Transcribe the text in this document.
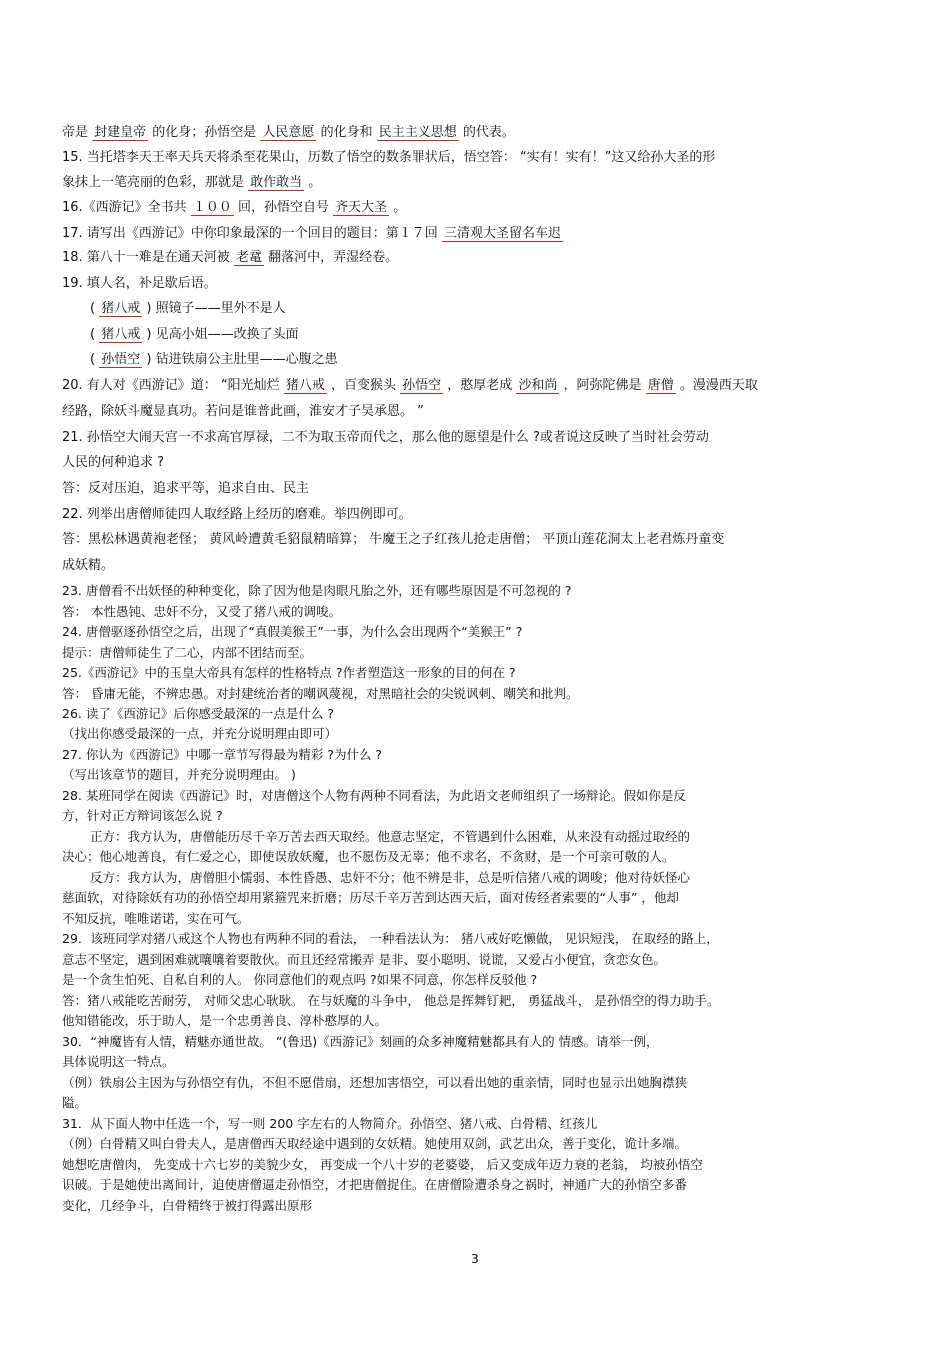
帝是 封建皇帝 的化身；孙悟空是 人民意愿 的化身和 民主主义思想 的代表。
15. 当托塔李天王率天兵天将杀至花果山，历数了悟空的数条罪状后，悟空答： “实有！实有！”这又给孙大圣的形
象抹上一笔亮丽的色彩，那就是 敢作敢当 。
16.《西游记》全书共 １００ 回，孙悟空自号 齐天大圣 。
17. 请写出《西游记》中你印象最深的一个回目的题目：第１７回 三清观大圣留名车迟
18. 第八十一难是在通天河被 老鼋 翻落河中，弄湿经卷。
19. 填人名，补足歇后语。
( 猪八戒 ) 照镜子——里外不是人
( 猪八戒 ) 见高小姐——改换了头面
( 孙悟空 ) 钻进铁扇公主肚里——心腹之患
20. 有人对《西游记》道： “阳光灿烂 猪八戒 ，百变猴头 孙悟空 ，憨厚老成 沙和尚 ，阿弥陀佛是 唐僧 。漫漫西天取
经路，除妖斗魔显真功。若问是谁普此画，淮安才子吴承恩。 ”
21. 孙悟空大闹天宫一不求高官厚禄，二不为取玉帝而代之，那么他的愿望是什么 ?或者说这反映了当时社会劳动
人民的何种追求 ?
答：反对压迫，追求平等，追求自由、民主
22. 列举出唐僧师徒四人取经路上经历的磨难。举四例即可。
答：黑松林遇黄袍老怪； 黄风岭遭黄毛貂鼠精暗算； 牛魔王之子红孩儿抢走唐僧； 平顶山莲花洞太上老君炼丹童变
成妖精。
23. 唐僧看不出妖怪的种种变化，除了因为他是肉眼凡胎之外，还有哪些原因是不可忽视的 ?
答： 本性愚钝、忠奸不分，又受了猪八戒的调唆。
24. 唐僧驱逐孙悟空之后，出现了“真假美猴王”一事，为什么会出现两个“美猴王” ?
提示：唐僧师徒生了二心，内部不团结而至。
25.《西游记》中的玉皇大帝具有怎样的性格特点 ?作者塑造这一形象的目的何在 ?
答： 昏庸无能，不辨忠愚。对封建统治者的嘲讽蔑视，对黑暗社会的尖锐讽刺、嘲笑和批判。
26. 读了《西游记》后你感受最深的一点是什么 ?
（找出你感受最深的一点，并充分说明理由即可）
27. 你认为《西游记》中哪一章节写得最为精彩 ?为什么 ?
（写出该章节的题目，并充分说明理由。 )
28. 某班同学在阅读《西游记》时，对唐僧这个人物有两种不同看法，为此语文老师组织了一场辩论。假如你是反
方，针对正方辩词该怎么说 ?
正方：我方认为，唐僧能历尽千辛万苦去西天取经。他意志坚定，不管遇到什么困难，从来没有动摇过取经的
决心；他心地善良，有仁爱之心，即使误放妖魔，也不愿伤及无辜；他不求名，不贪财，是一个可亲可敬的人。
反方：我方认为，唐僧胆小懦弱、本性昏愚、忠奸不分；他不辨是非，总是听信猪八戒的调唆；他对待妖怪心
慈面软，对待除妖有功的孙悟空却用紧箍咒来折磨；历尽千辛万苦到达西天后，面对传经者索要的“人事” ，他却
不知反抗，唯唯诺诺，实在可气。
29．该班同学对猪八戒这个人物也有两种不同的看法， 一种看法认为： 猪八戒好吃懒做， 见识短浅， 在取经的路上，
意志不坚定，遇到困难就嚷嚷着要散伙。而且还经常搬弄 是非、耍小聪明、说谎，又爱占小便宜，贪恋女色。
是一个贪生怕死、自私自利的人。 你同意他们的观点吗 ?如果不同意，你怎样反驳他 ?
答：猪八戒能吃苦耐劳， 对师父忠心耿耿。 在与妖魔的斗争中， 他总是挥舞钉耙， 勇猛战斗， 是孙悟空的得力助手。
他知错能改，乐于助人，是一个忠勇善良、淳朴憨厚的人。
30．“神魔皆有人情，精魅亦通世故。 ”(鲁迅)《西游记》刻画的众多神魔精魅都具有人的 情感。请举一例，
具体说明这一特点。
（例）铁扇公主因为与孙悟空有仇，不但不愿借扇，还想加害悟空，可以看出她的重亲情，同时也显示出她胸襟狭
隘。
31．从下面人物中任选一个，写一则 200 字左右的人物简介。孙悟空、猪八戒、白骨精、红孩儿
（例）白骨精又叫白骨夫人，是唐僧西天取经途中遇到的女妖精。她使用双剑，武艺出众，善于变化，诡计多端。
她想吃唐僧肉， 先变成十六七岁的美貌少女， 再变成一个八十岁的老婆婆， 后又变成年迈力衰的老翁， 均被孙悟空
识破。于是她使出离间计，迫使唐僧逼走孙悟空，才把唐僧捉住。在唐僧险遭杀身之祸时，神通广大的孙悟空多番
变化，几经争斗，白骨精终于被打得露出原形
3
